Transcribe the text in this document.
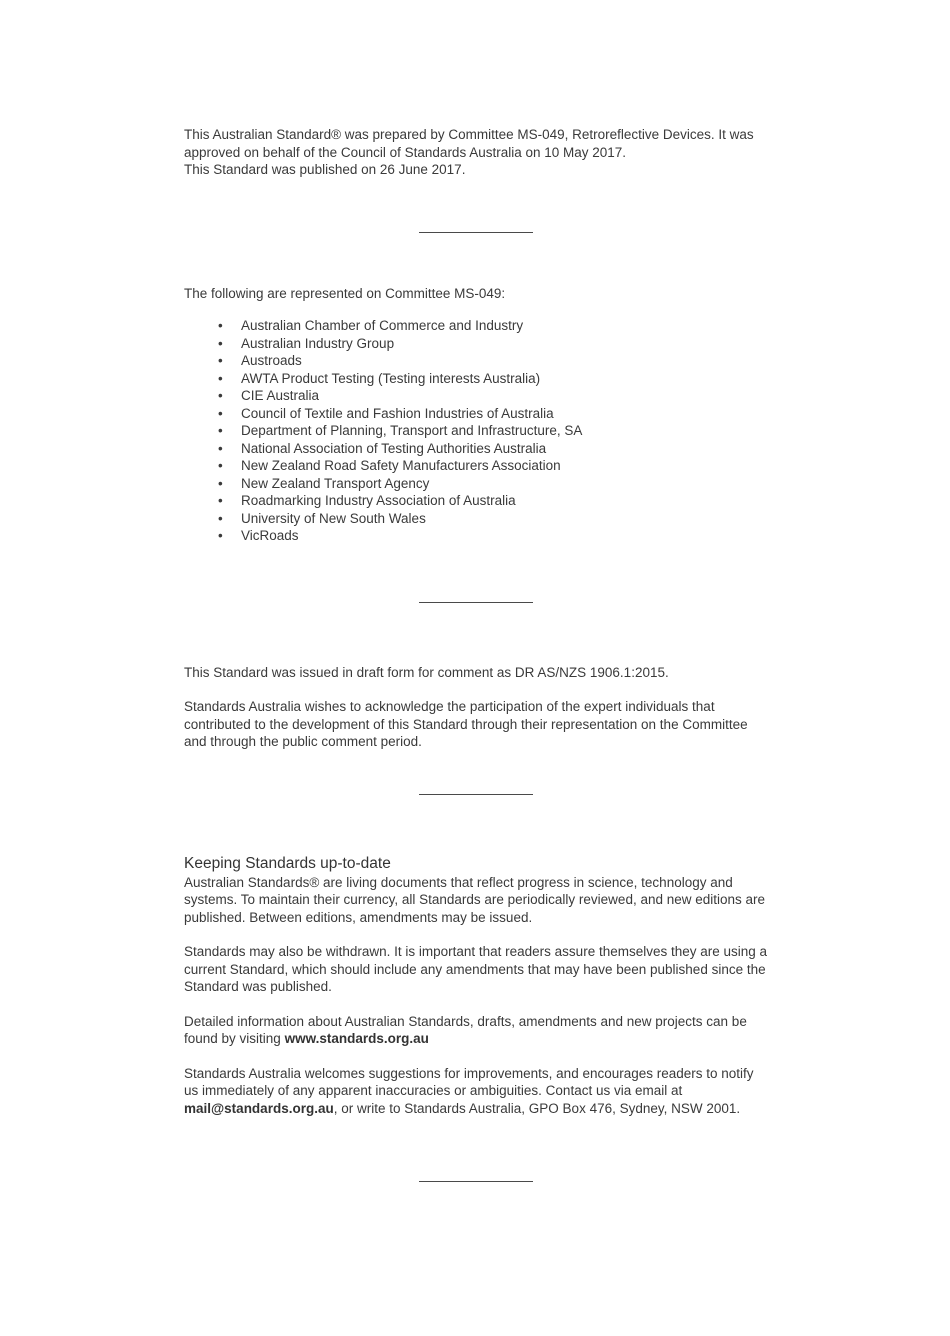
This Australian Standard® was prepared by Committee MS-049, Retroreflective Devices. It was approved on behalf of the Council of Standards Australia on 10 May 2017.
This Standard was published on 26 June 2017.

The following are represented on Committee MS-049:

•	Australian Chamber of Commerce and Industry
•	Australian Industry Group
•	Austroads
•	AWTA Product Testing (Testing interests Australia)
•	CIE Australia
•	Council of Textile and Fashion Industries of Australia
•	Department of Planning, Transport and Infrastructure, SA
•	National Association of Testing Authorities Australia
•	New Zealand Road Safety Manufacturers Association
•	New Zealand Transport Agency
•	Roadmarking Industry Association of Australia
•	University of New South Wales
•	VicRoads

This Standard was issued in draft form for comment as DR AS/NZS 1906.1:2015.

Standards Australia wishes to acknowledge the participation of the expert individuals that contributed to the development of this Standard through their representation on the Committee and through the public comment period.

Keeping Standards up-to-date

Australian Standards® are living documents that reflect progress in science, technology and systems. To maintain their currency, all Standards are periodically reviewed, and new editions are published. Between editions, amendments may be issued.

Standards may also be withdrawn. It is important that readers assure themselves they are using a current Standard, which should include any amendments that may have been published since the Standard was published.

Detailed information about Australian Standards, drafts, amendments and new projects can be found by visiting www.standards.org.au

Standards Australia welcomes suggestions for improvements, and encourages readers to notify us immediately of any apparent inaccuracies or ambiguities. Contact us via email at mail@standards.org.au, or write to Standards Australia, GPO Box 476, Sydney, NSW 2001.
